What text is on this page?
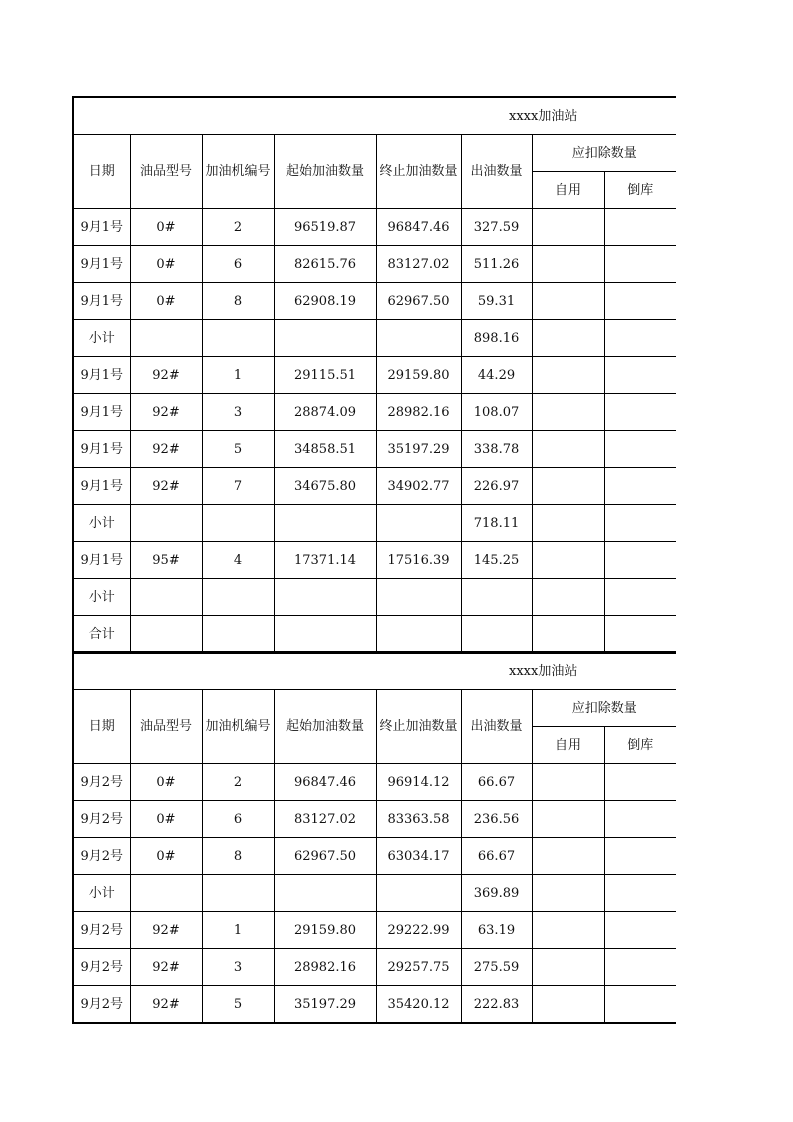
xxxx加油站							
日期	油品型号	加油机编号	起始加油数量	终止加油数量	出油数量	应扣除数量	
						自用	倒库
9月1号	0#	2	96519.87	96847.46	327.59		
9月1号	0#	6	82615.76	83127.02	511.26		
9月1号	0#	8	62908.19	62967.50	59.31		
小计					898.16		
9月1号	92#	1	29115.51	29159.80	44.29		
9月1号	92#	3	28874.09	28982.16	108.07		
9月1号	92#	5	34858.51	35197.29	338.78		
9月1号	92#	7	34675.80	34902.77	226.97		
小计					718.11		
9月1号	95#	4	17371.14	17516.39	145.25		
小计							
合计							
xxxx加油站							
日期	油品型号	加油机编号	起始加油数量	终止加油数量	出油数量	应扣除数量	
						自用	倒库
9月2号	0#	2	96847.46	96914.12	66.67		
9月2号	0#	6	83127.02	83363.58	236.56		
9月2号	0#	8	62967.50	63034.17	66.67		
小计					369.89		
9月2号	92#	1	29159.80	29222.99	63.19		
9月2号	92#	3	28982.16	29257.75	275.59		
9月2号	92#	5	35197.29	35420.12	222.83		
